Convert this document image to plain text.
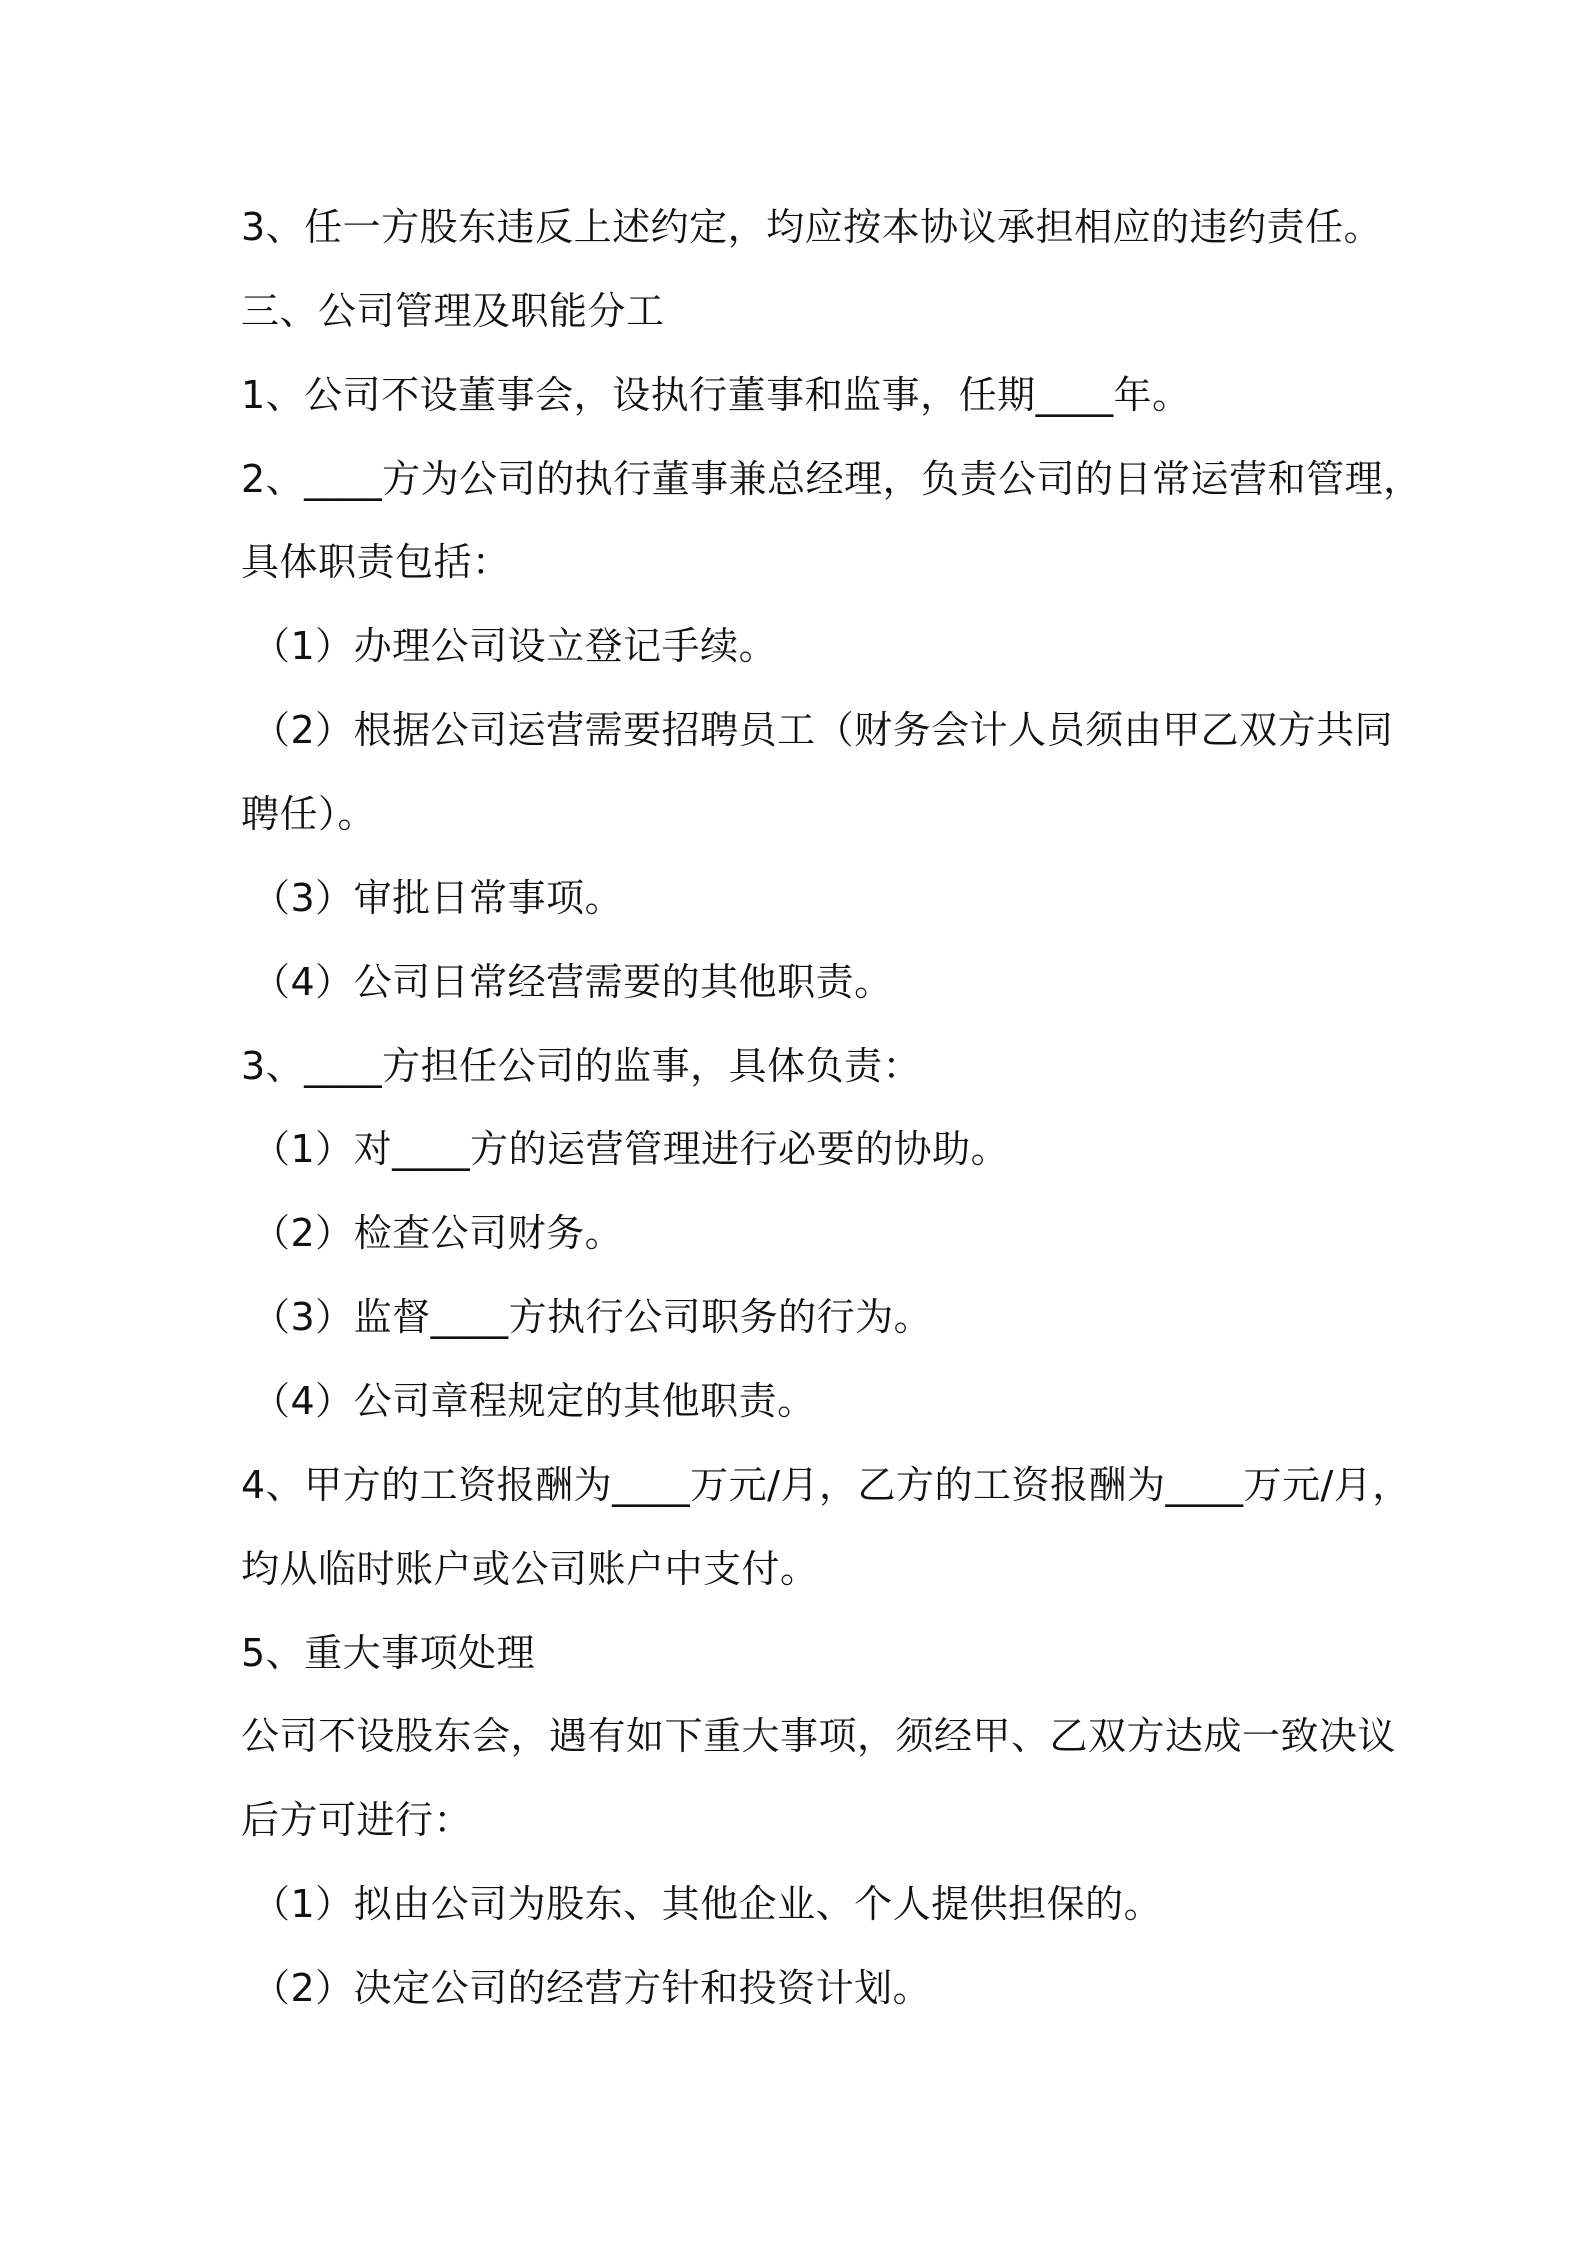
3、任一方股东违反上述约定，均应按本协议承担相应的违约责任。
三、公司管理及职能分工
1、公司不设董事会，设执行董事和监事，任期____年。
2、____方为公司的执行董事兼总经理，负责公司的日常运营和管理，
具体职责包括：
（1）办理公司设立登记手续。
（2）根据公司运营需要招聘员工（财务会计人员须由甲乙双方共同
聘任）。
（3）审批日常事项。
（4）公司日常经营需要的其他职责。
3、____方担任公司的监事，具体负责：
（1）对____方的运营管理进行必要的协助。
（2）检查公司财务。
（3）监督____方执行公司职务的行为。
（4）公司章程规定的其他职责。
4、甲方的工资报酬为____万元/月，乙方的工资报酬为____万元/月，
均从临时账户或公司账户中支付。
5、重大事项处理
公司不设股东会，遇有如下重大事项，须经甲、乙双方达成一致决议
后方可进行：
（1）拟由公司为股东、其他企业、个人提供担保的。
（2）决定公司的经营方针和投资计划。
